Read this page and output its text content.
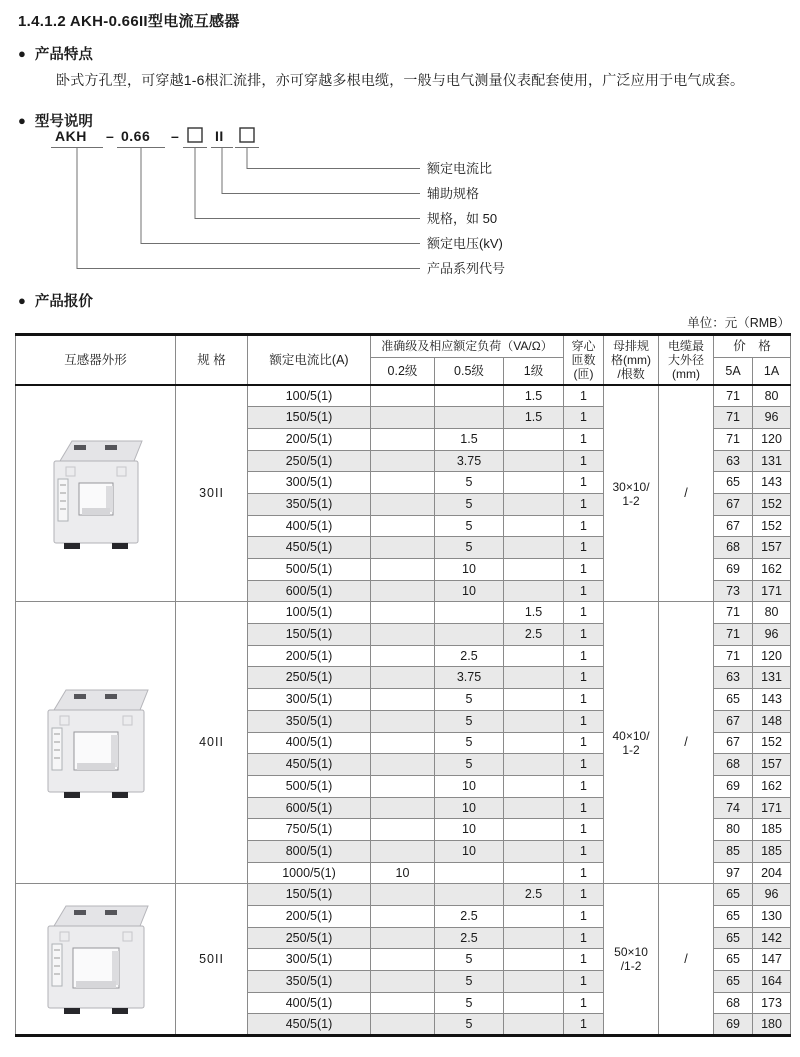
1.4.1.2 AKH-0.66II型电流互感器
● 产品特点
卧式方孔型，可穿越1-6根汇流排，亦可穿越多根电缆，一般与电气测量仪表配套使用，广泛应用于电气成套。
● 型号说明
AKH – 0.66 –	II
额定电流比
辅助规格
规格，如 50
额定电压(kV)
产品系列代号
● 产品报价
单位：元（RMB）
互感器外形	规 格	额定电流比(A)	准确级及相应额定负荷（VA/Ω）			穿心
匝数
(匝)	母排规
格(mm)
/根数	电缆最
大外径
(mm)	价　格	
			0.2级	0.5级	1级				5A	1A

	30II	100/5(1)			1.5	1	30×10/
1-2	/	71	80
		150/5(1)			1.5	1			71	96
		200/5(1)		1.5		1			71	120
		250/5(1)		3.75		1			63	131
		300/5(1)		5		1			65	143
		350/5(1)		5		1			67	152
		400/5(1)		5		1			67	152
		450/5(1)		5		1			68	157
		500/5(1)		10		1			69	162
		600/5(1)		10		1			73	171

	40II	100/5(1)			1.5	1	40×10/
1-2	/	71	80
		150/5(1)			2.5	1			71	96
		200/5(1)		2.5		1			71	120
		250/5(1)		3.75		1			63	131
		300/5(1)		5		1			65	143
		350/5(1)		5		1			67	148
		400/5(1)		5		1			67	152
		450/5(1)		5		1			68	157
		500/5(1)		10		1			69	162
		600/5(1)		10		1			74	171
		750/5(1)		10		1			80	185
		800/5(1)		10		1			85	185
		1000/5(1)	10			1			97	204

	50II	150/5(1)			2.5	1	50×10
/1-2	/	65	96
		200/5(1)		2.5		1			65	130
		250/5(1)		2.5		1			65	142
		300/5(1)		5		1			65	147
		350/5(1)		5		1			65	164
		400/5(1)		5		1			68	173
		450/5(1)		5		1			69	180
